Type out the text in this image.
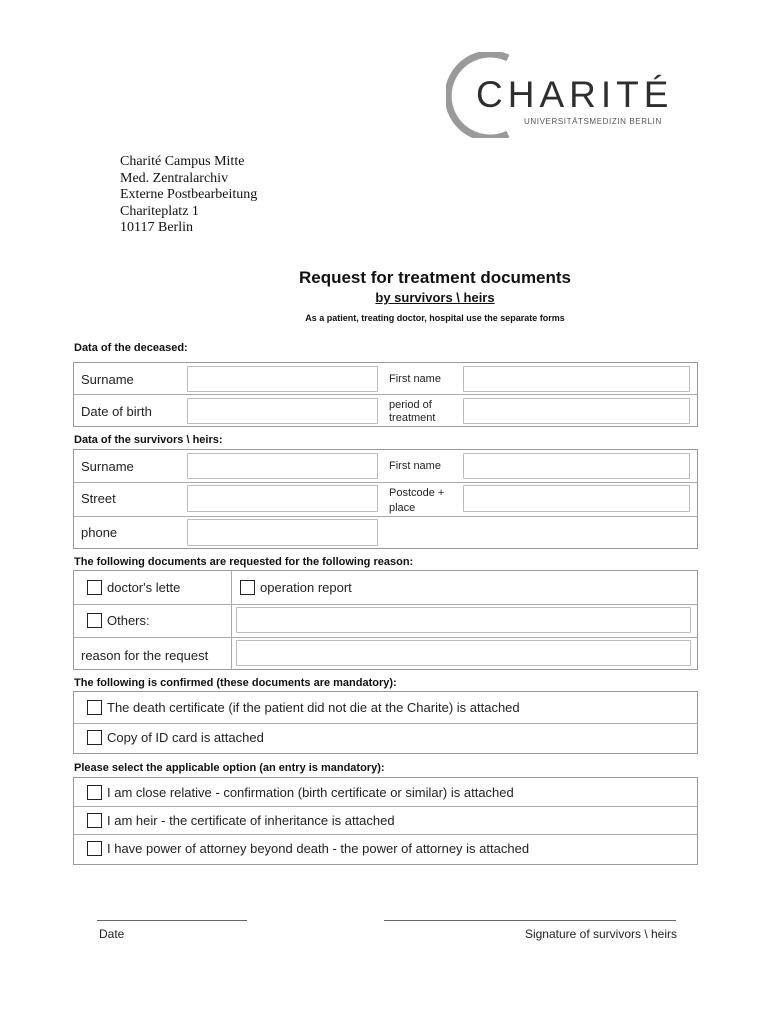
CHARITÉ
UNIVERSITÄTSMEDIZIN BERLIN
Charité Campus Mitte
Med. Zentralarchiv
Externe Postbearbeitung
Chariteplatz 1
10117 Berlin
Request for treatment documents
by survivors \ heirs
As a patient, treating doctor, hospital use the separate forms
Data of the deceased:
Surname	First name
Date of birth	period of treatment
Data of the survivors \ heirs:
Surname	First name
Street	Postcode + place
phone
The following documents are requested for the following reason:
doctor's lette	operation report
Others:
reason for the request
The following is confirmed (these documents are mandatory):
The death certificate (if the patient did not die at the Charite) is attached
Copy of ID card is attached
Please select the applicable option (an entry is mandatory):
I am close relative - confirmation (birth certificate or similar) is attached
I am heir - the certificate of inheritance is attached
I have power of attorney beyond death - the power of attorney is attached
Date	Signature of survivors \ heirs
